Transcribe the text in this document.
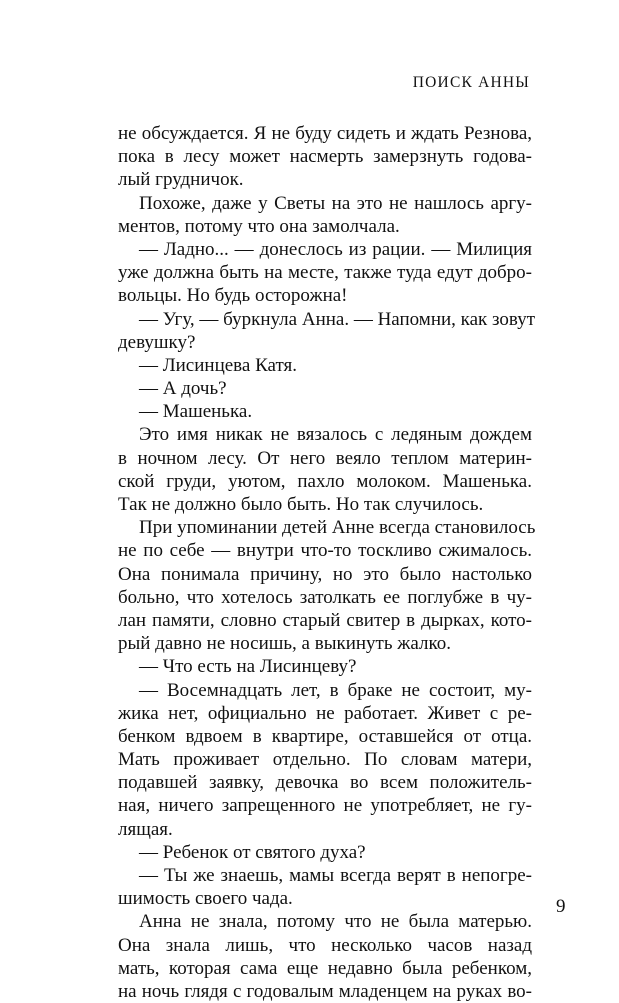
ПОИСК АННЫ
не обсуждается. Я не буду сидеть и ждать Резнова,
пока в лесу может насмерть замерзнуть годова-
лый грудничок.
Похоже, даже у Светы на это не нашлось аргу-
ментов, потому что она замолчала.
— Ладно... — донеслось из рации. — Милиция
уже должна быть на месте, также туда едут добро-
вольцы. Но будь осторожна!
— Угу, — буркнула Анна. — Напомни, как зовут
девушку?
— Лисинцева Катя.
— А дочь?
— Машенька.
Это имя никак не вязалось с ледяным дождем
в ночном лесу. От него веяло теплом материн-
ской груди, уютом, пахло молоком. Машенька.
Так не должно было быть. Но так случилось.
При упоминании детей Анне всегда становилось
не по себе — внутри что-то тоскливо сжималось.
Она понимала причину, но это было настолько
больно, что хотелось затолкать ее поглубже в чу-
лан памяти, словно старый свитер в дырках, кото-
рый давно не носишь, а выкинуть жалко.
— Что есть на Лисинцеву?
— Восемнадцать лет, в браке не состоит, му-
жика нет, официально не работает. Живет с ре-
бенком вдвоем в квартире, оставшейся от отца.
Мать проживает отдельно. По словам матери,
подавшей заявку, девочка во всем положитель-
ная, ничего запрещенного не употребляет, не гу-
лящая.
— Ребенок от святого духа?
— Ты же знаешь, мамы всегда верят в непогре-
шимость своего чада.
Анна не знала, потому что не была матерью.
Она знала лишь, что несколько часов назад
мать, которая сама еще недавно была ребенком,
на ночь глядя с годовалым младенцем на руках во-
9
